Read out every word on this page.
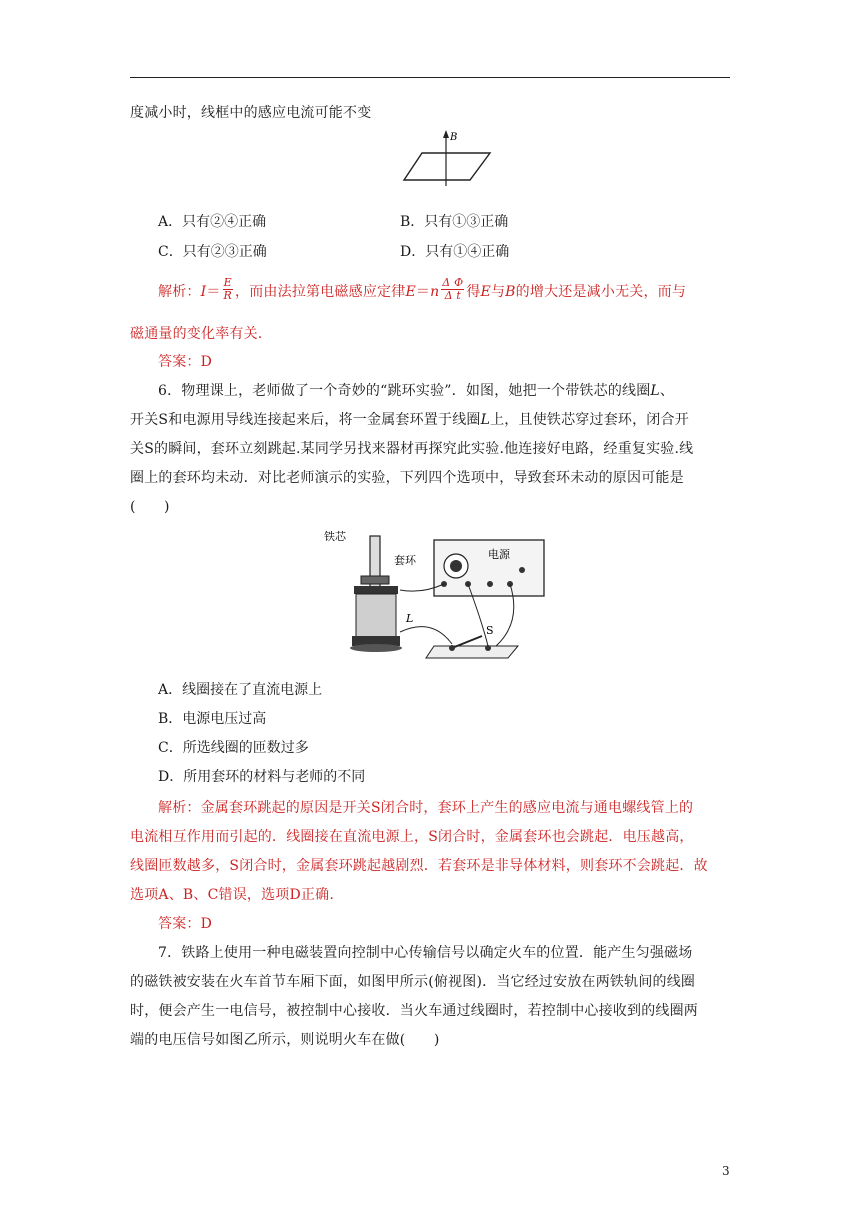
度减小时，线框中的感应电流可能不变
B
A．只有②④正确	B．只有①③正确
C．只有②③正确	D．只有①④正确
解析：$I= \frac{E}{R}$ ，而由法拉第电磁感应定律$E=n \frac{\text{Δ Φ}}{\text{Δ t}}$ 得E与B的增大还是减小无关，而与
磁通量的变化率有关.
答案：D
6．物理课上，老师做了一个奇妙的“跳环实验”．如图，她把一个带铁芯的线圈L、
开关S和电源用导线连接起来后，将一金属套环置于线圈L上，且使铁芯穿过套环，闭合开
关S的瞬间，套环立刻跳起.某同学另找来器材再探究此实验.他连接好电路，经重复实验.线
圈上的套环均未动．对比老师演示的实验，下列四个选项中，导致套环未动的原因可能是
(　　)
铁芯
套环	电源
L
S
A．线圈接在了直流电源上
B．电源电压过高
C．所选线圈的匝数过多
D．所用套环的材料与老师的不同
解析：金属套环跳起的原因是开关S闭合时，套环上产生的感应电流与通电螺线管上的
电流相互作用而引起的．线圈接在直流电源上，S闭合时，金属套环也会跳起．电压越高，
线圈匝数越多，S闭合时，金属套环跳起越剧烈．若套环是非导体材料，则套环不会跳起．故
选项A、B、C错误，选项D正确.
答案：D
7．铁路上使用一种电磁装置向控制中心传输信号以确定火车的位置．能产生匀强磁场
的磁铁被安装在火车首节车厢下面，如图甲所示(俯视图)．当它经过安放在两铁轨间的线圈
时，便会产生一电信号，被控制中心接收．当火车通过线圈时，若控制中心接收到的线圈两
端的电压信号如图乙所示，则说明火车在做(　　)
3
